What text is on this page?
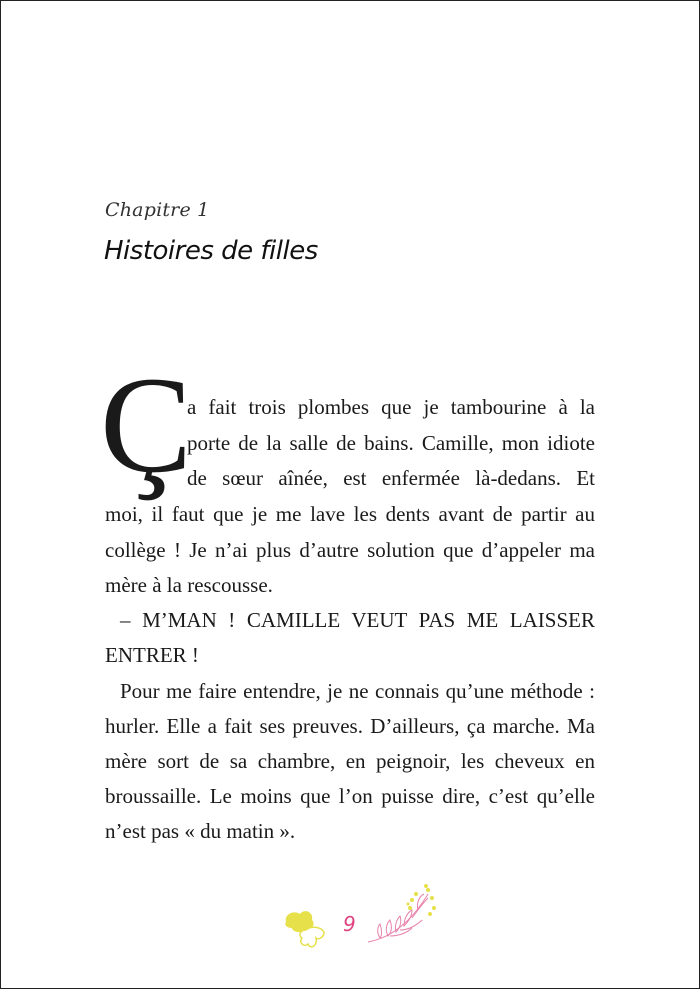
Chapitre 1
Histoires de filles
Ç
a fait trois plombes que je tambourine à la
porte de la salle de bains. Camille, mon idiote
de sœur aînée, est enfermée là-dedans. Et
moi, il faut que je me lave les dents avant de partir au
collège ! Je n’ai plus d’autre solution que d’appeler ma
mère à la rescousse.
– M’MAN ! CAMILLE VEUT PAS ME LAISSER
ENTRER !
Pour me faire entendre, je ne connais qu’une méthode :
hurler. Elle a fait ses preuves. D’ailleurs, ça marche. Ma
mère sort de sa chambre, en peignoir, les cheveux en
broussaille. Le moins que l’on puisse dire, c’est qu’elle
n’est pas « du matin ».
9
